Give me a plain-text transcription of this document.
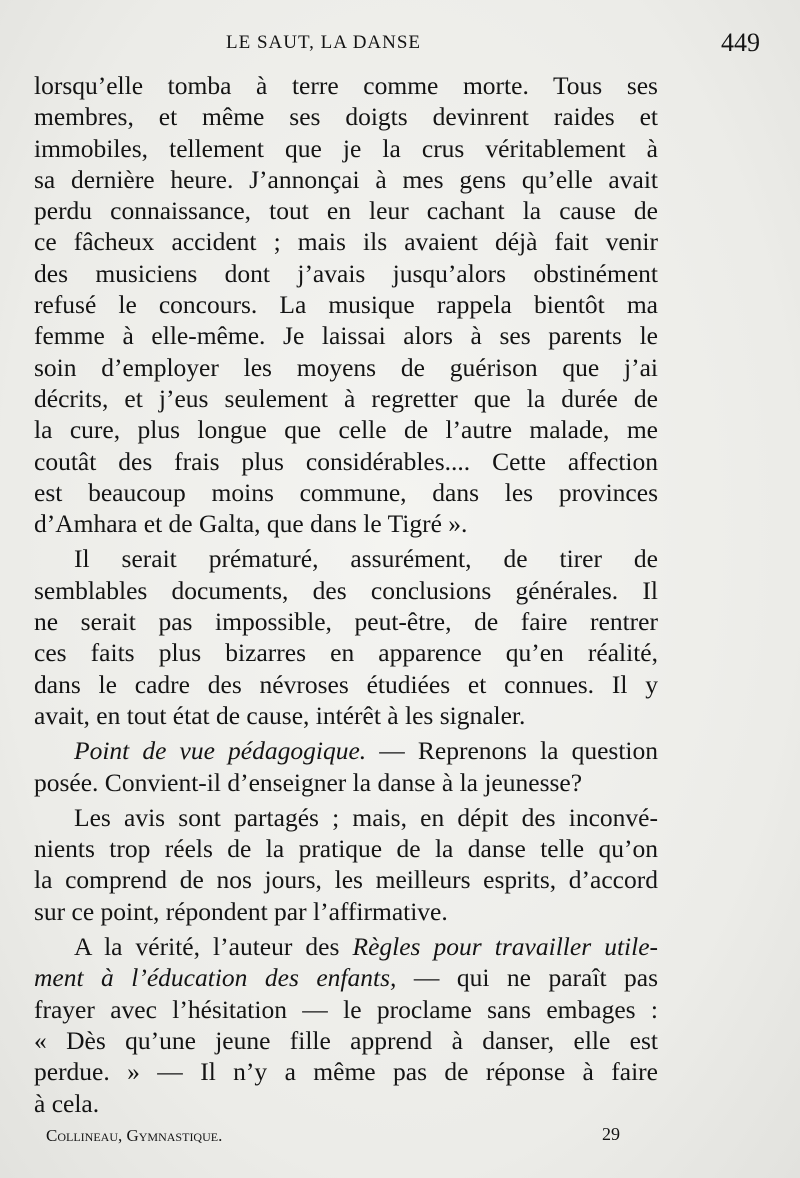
LE SAUT, LA DANSE	449

lorsqu’elle tomba à terre comme morte. Tous ses
membres, et même ses doigts devinrent raides et
immobiles, tellement que je la crus véritablement à
sa dernière heure. J’annonçai à mes gens qu’elle avait
perdu connaissance, tout en leur cachant la cause de
ce fâcheux accident ; mais ils avaient déjà fait venir
des musiciens dont j’avais jusqu’alors obstinément
refusé le concours. La musique rappela bientôt ma
femme à elle-même. Je laissai alors à ses parents le
soin d’employer les moyens de guérison que j’ai
décrits, et j’eus seulement à regretter que la durée de
la cure, plus longue que celle de l’autre malade, me
coutât des frais plus considérables.... Cette affection
est beaucoup moins commune, dans les provinces
d’Amhara et de Galta, que dans le Tigré ».

Il serait prématuré, assurément, de tirer de
semblables documents, des conclusions générales. Il
ne serait pas impossible, peut-être, de faire rentrer
ces faits plus bizarres en apparence qu’en réalité,
dans le cadre des névroses étudiées et connues. Il y
avait, en tout état de cause, intérêt à les signaler.

Point de vue pédagogique. — Reprenons la question
posée. Convient-il d’enseigner la danse à la jeunesse?

Les avis sont partagés ; mais, en dépit des inconvé-
nients trop réels de la pratique de la danse telle qu’on
la comprend de nos jours, les meilleurs esprits, d’accord
sur ce point, répondent par l’affirmative.

A la vérité, l’auteur des Règles pour travailler utile-
ment à l’éducation des enfants, — qui ne paraît pas
frayer avec l’hésitation — le proclame sans embages :
« Dès qu’une jeune fille apprend à danser, elle est
perdue. » — Il n’y a même pas de réponse à faire
à cela.

Collineau, Gymnastique.	29
